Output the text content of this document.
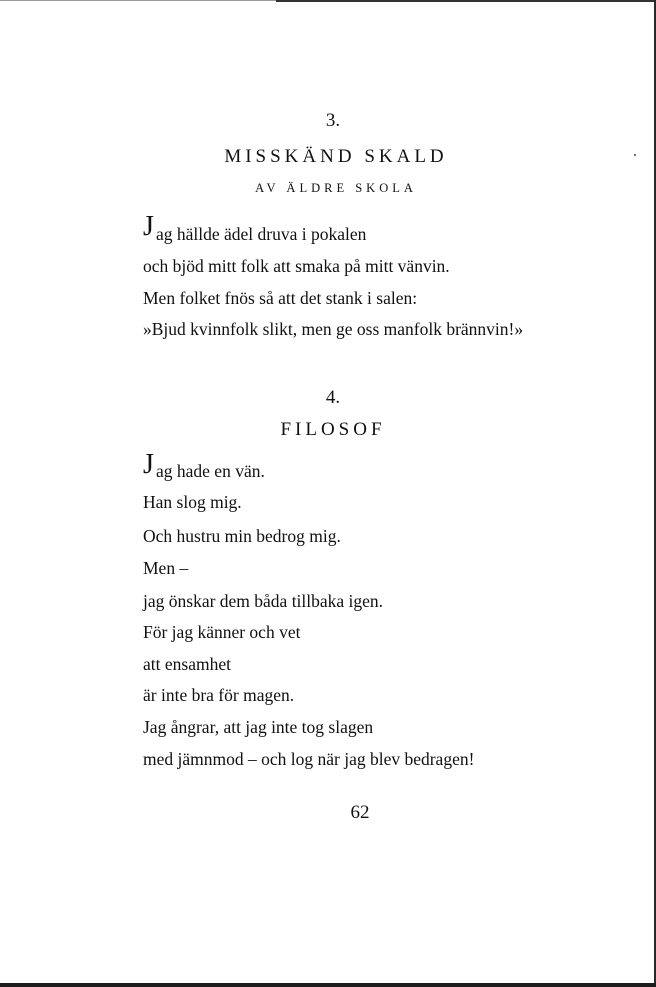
3.
MISSKÄND SKALD
AV ÄLDRE SKOLA
J ag hällde ädel druva i pokalen
och bjöd mitt folk att smaka på mitt vänvin.
Men folket fnös så att det stank i salen:
»Bjud kvinnfolk slikt, men ge oss manfolk brännvin!»
4.
FILOSOF
J ag hade en vän.
Han slog mig.
Och hustru min bedrog mig.
Men –
jag önskar dem båda tillbaka igen.
För jag känner och vet
att ensamhet
är inte bra för magen.
Jag ångrar, att jag inte tog slagen
med jämnmod – och log när jag blev bedragen!
62
